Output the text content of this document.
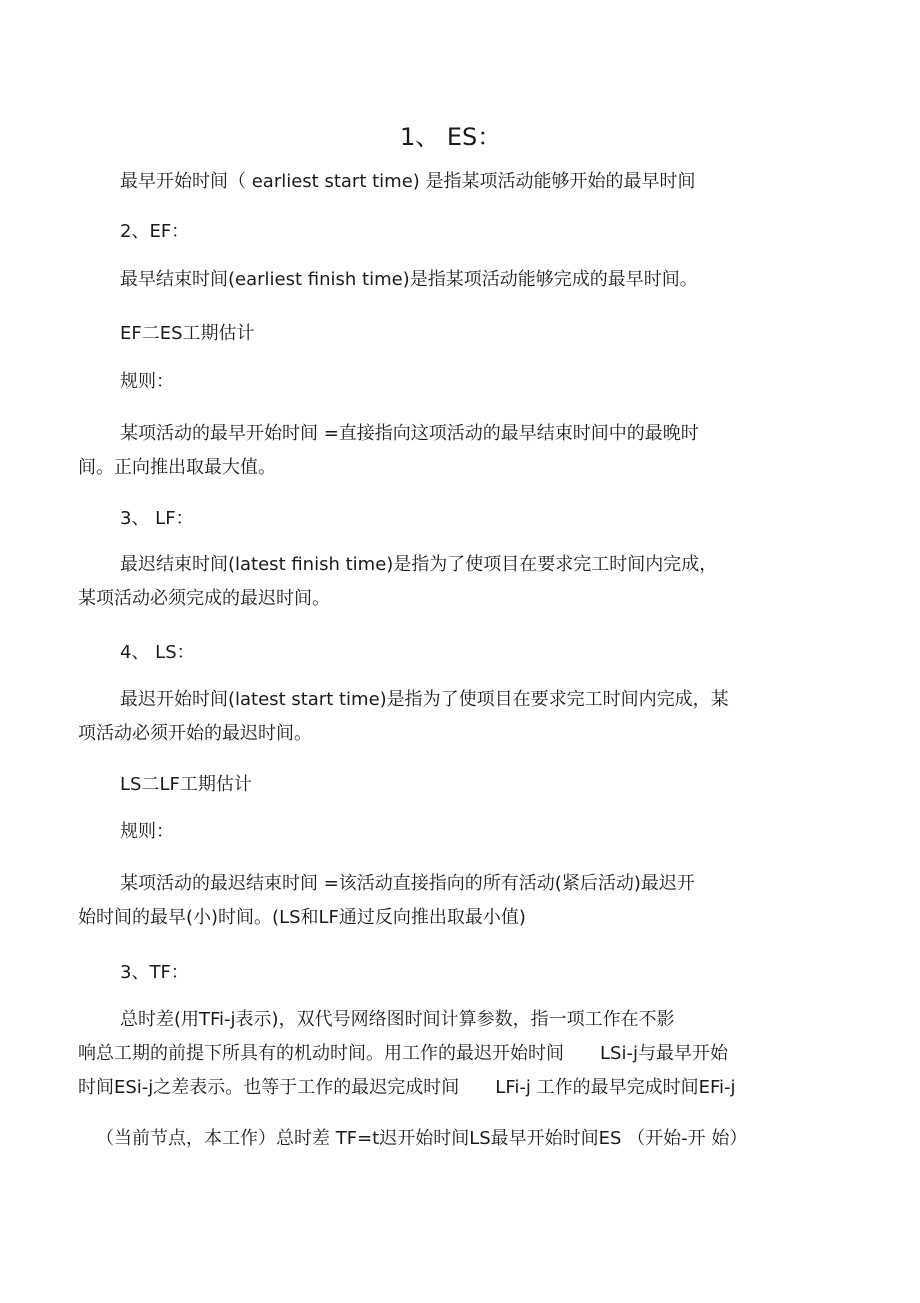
1、 ES：
最早开始时间（ earliest start time) 是指某项活动能够开始的最早时间
2、EF：
最早结束时间(earliest finish time)是指某项活动能够完成的最早时间。
EF二ES工期估计
规则：
某项活动的最早开始时间 =直接指向这项活动的最早结束时间中的最晚时
间。正向推出取最大值。
3、 LF：
最迟结束时间(latest finish time)是指为了使项目在要求完工时间内完成，
某项活动必须完成的最迟时间。
4、 LS：
最迟开始时间(latest start time)是指为了使项目在要求完工时间内完成，某
项活动必须开始的最迟时间。
LS二LF工期估计
规则：
某项活动的最迟结束时间 =该活动直接指向的所有活动(紧后活动)最迟开
始时间的最早(小)时间。(LS和LF通过反向推出取最小值)
3、TF：
总时差(用TFi-j表示)，双代号网络图时间计算参数，指一项工作在不影
响总工期的前提下所具有的机动时间。用工作的最迟开始时间　　LSi-j与最早开始
时间ESi-j之差表示。也等于工作的最迟完成时间　　LFi-j 工作的最早完成时间EFi-j
（当前节点，本工作）总时差 TF=t迟开始时间LS最早开始时间ES （开始-开 始）
